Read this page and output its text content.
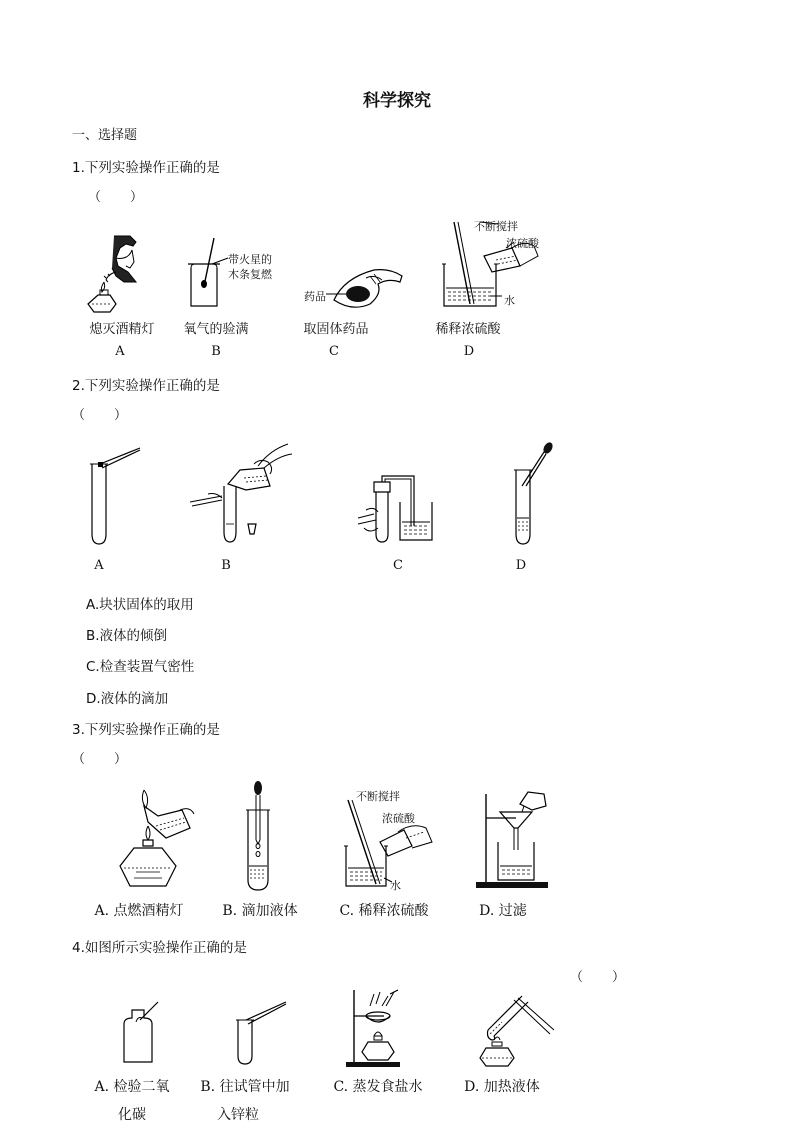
科学探究
一、选择题
1.下列实验操作正确的是
（　　）
带火星的
木条复燃
药品
不断搅拌
浓硫酸
水
熄灭酒精灯	氧气的验满	取固体药品	稀释浓硫酸
A	B	C	D
2.下列实验操作正确的是
（　　）
A	B	C	D
A.块状固体的取用
B.液体的倾倒
C.检查装置气密性
D.液体的滴加
3.下列实验操作正确的是
（　　）
不断搅拌
浓硫酸
水
A. 点燃酒精灯	B. 滴加液体	C. 稀释浓硫酸	D. 过滤
4.如图所示实验操作正确的是
（　　）
A. 检验二氧
化碳
B. 往试管中加
入锌粒
C. 蒸发食盐水	D. 加热液体
